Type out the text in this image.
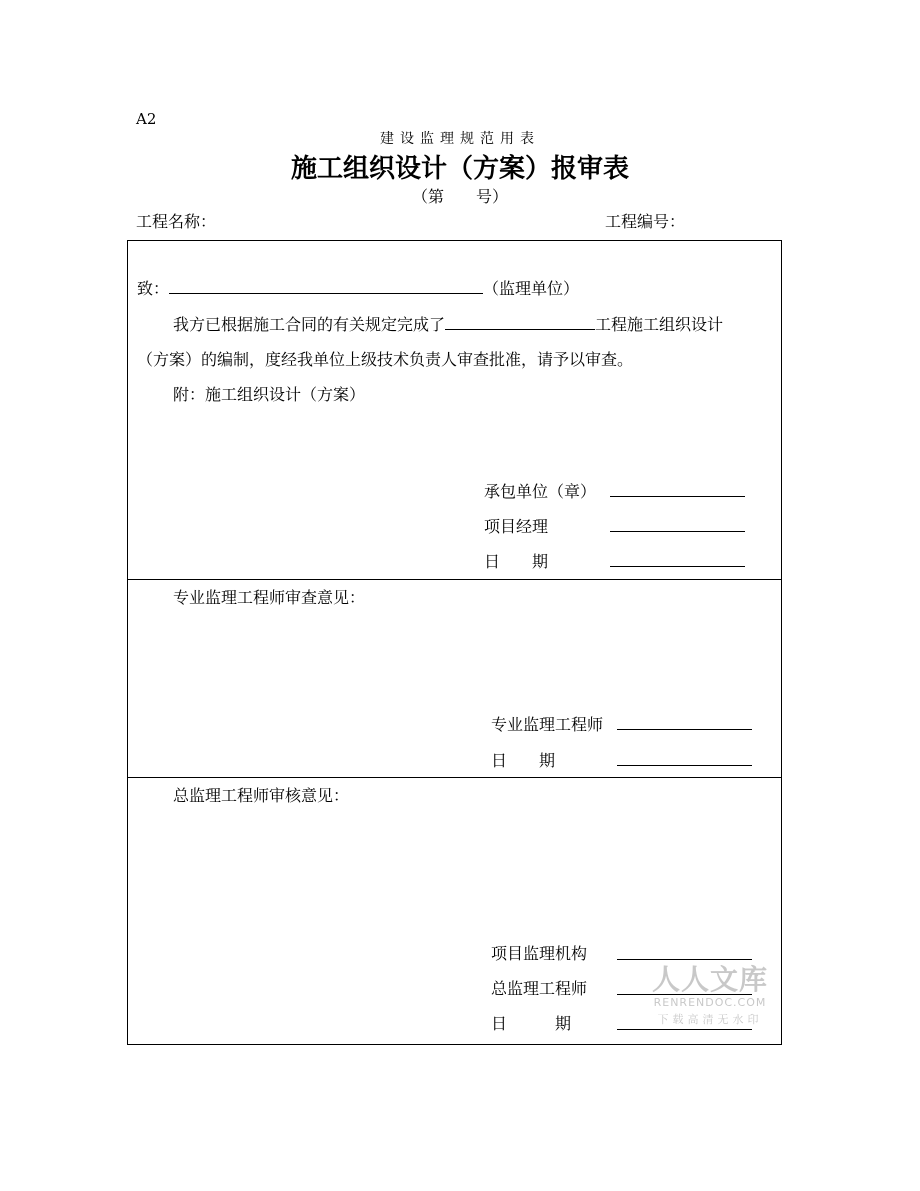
A2
建设监理规范用表
施工组织设计（方案）报审表
（第　　号）
工程名称：	工程编号：
致：	（监理单位）
我方已根据施工合同的有关规定完成了	工程施工组织设计
（方案）的编制，度经我单位上级技术负责人审查批准，请予以审查。
附：施工组织设计（方案）
承包单位（章）
项目经理
日　　期
专业监理工程师审查意见：
专业监理工程师
日　　期
总监理工程师审核意见：
项目监理机构
总监理工程师
日　　　期
人人文库
RENRENDOC.COM
下载高清无水印
